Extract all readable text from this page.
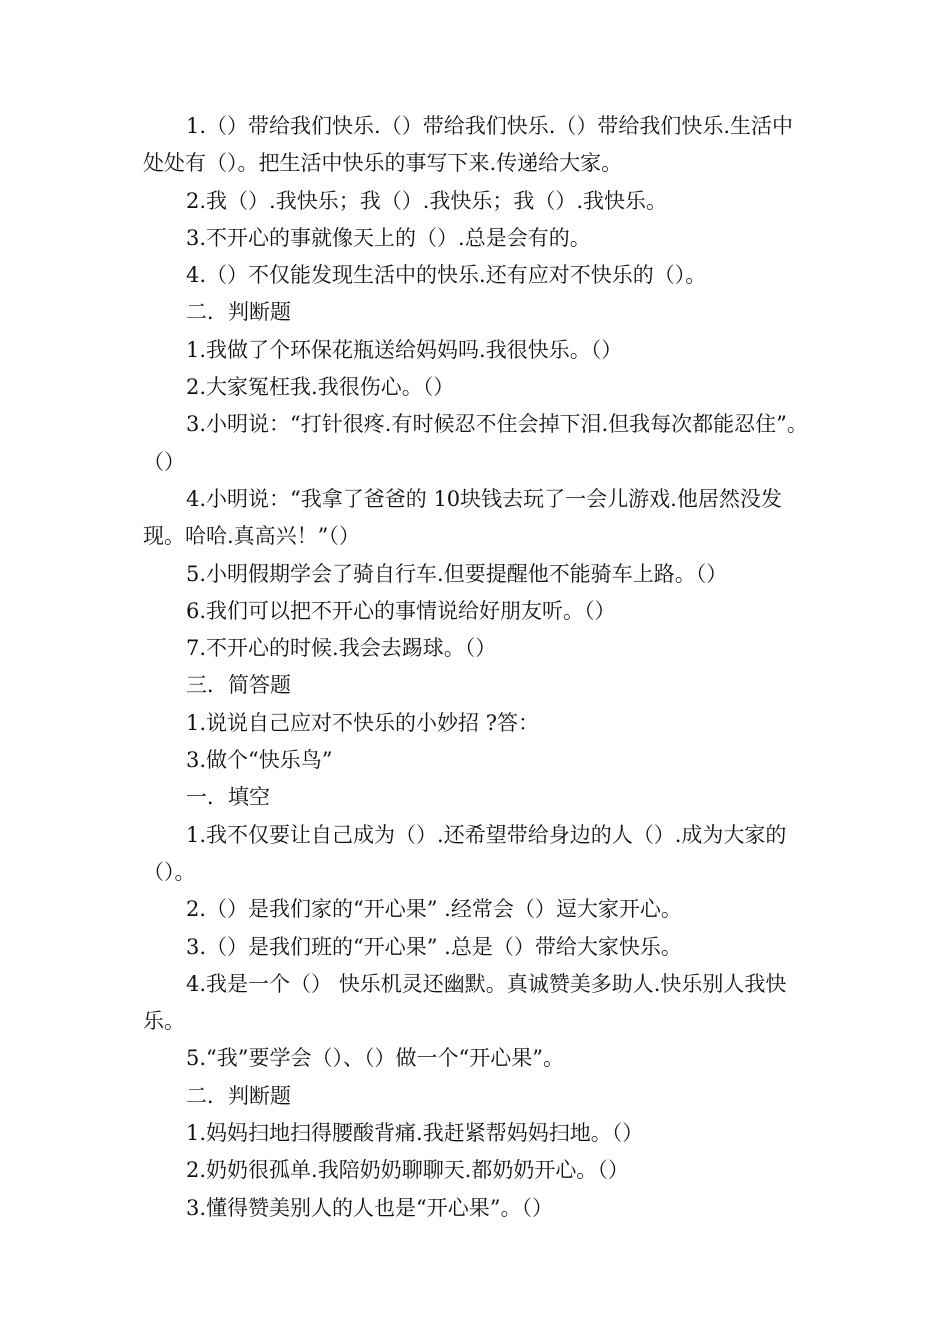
1.（）带给我们快乐.（）带给我们快乐.（）带给我们快乐.生活中处处有（）。把生活中快乐的事写下来.传递给大家。

2.我（）.我快乐；我（）.我快乐；我（）.我快乐。

3.不开心的事就像天上的（）.总是会有的。

4.（）不仅能发现生活中的快乐.还有应对不快乐的（）。

二．判断题

1.我做了个环保花瓶送给妈妈吗.我很快乐。（）

2.大家冤枉我.我很伤心。（）

3.小明说：“打针很疼.有时候忍不住会掉下泪.但我每次都能忍住”。（）

4.小明说：“我拿了爸爸的 10块钱去玩了一会儿游戏.他居然没发现。哈哈.真高兴！”（）

5.小明假期学会了骑自行车.但要提醒他不能骑车上路。（）

6.我们可以把不开心的事情说给好朋友听。（）

7.不开心的时候.我会去踢球。（）

三．简答题

1.说说自己应对不快乐的小妙招 ?答：

3.做个“快乐鸟”

一．填空

1.我不仅要让自己成为（）.还希望带给身边的人（）.成为大家的（）。

2.（）是我们家的“开心果” .经常会（）逗大家开心。

3.（）是我们班的“开心果” .总是（）带给大家快乐。

4.我是一个（） 快乐机灵还幽默。真诚赞美多助人.快乐别人我快乐。

5.“我”要学会（）、（）做一个“开心果”。

二．判断题

1.妈妈扫地扫得腰酸背痛.我赶紧帮妈妈扫地。（）

2.奶奶很孤单.我陪奶奶聊聊天.都奶奶开心。（）

3.懂得赞美别人的人也是“开心果”。（）
